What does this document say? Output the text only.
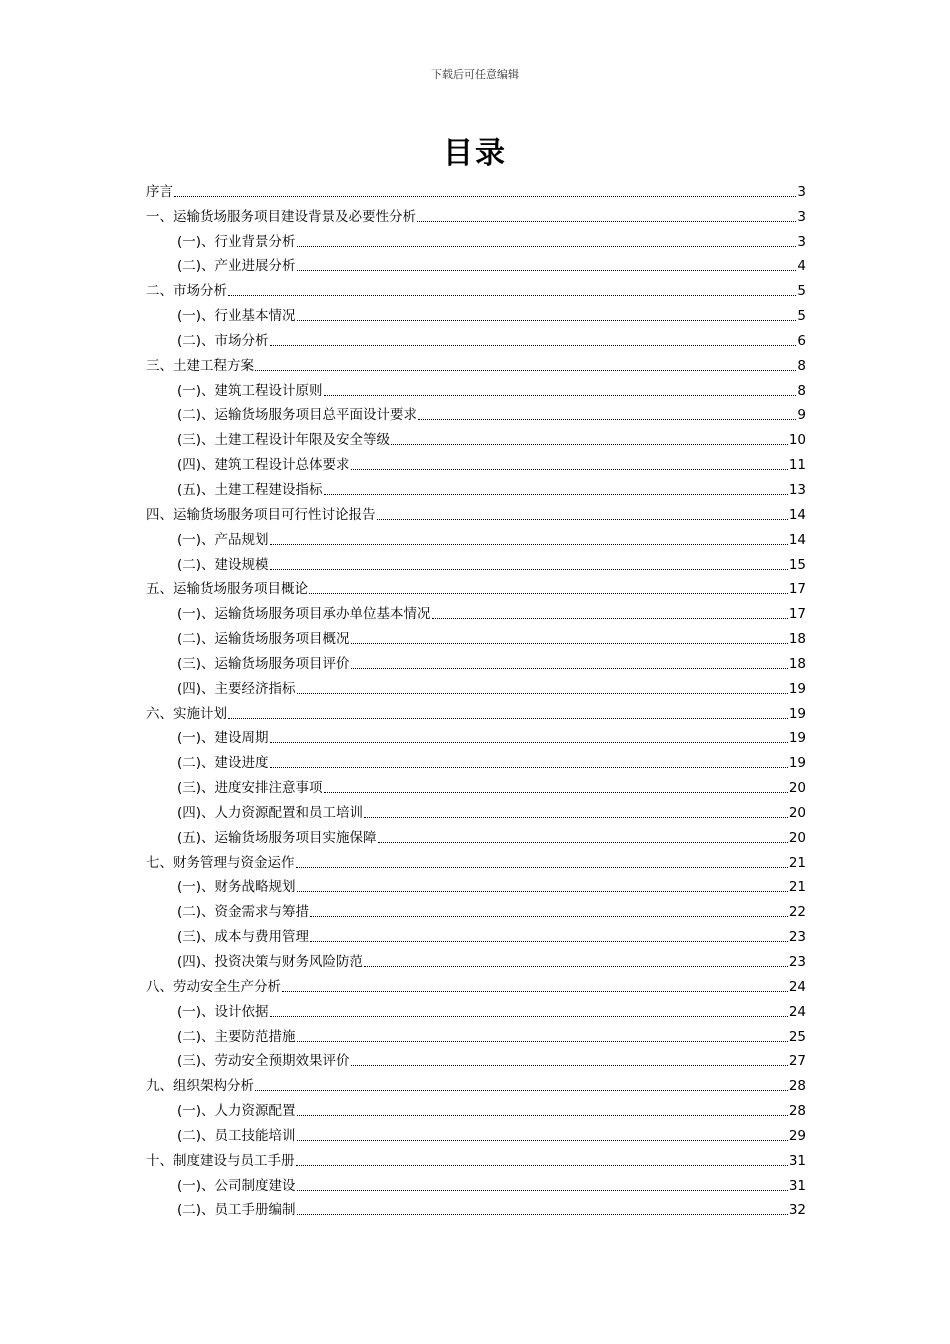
下载后可任意编辑
目录
序言	3
一、运输货场服务项目建设背景及必要性分析	3
(一)、行业背景分析	3
(二)、产业进展分析	4
二、市场分析	5
(一)、行业基本情况	5
(二)、市场分析	6
三、土建工程方案	8
(一)、建筑工程设计原则	8
(二)、运输货场服务项目总平面设计要求	9
(三)、土建工程设计年限及安全等级	10
(四)、建筑工程设计总体要求	11
(五)、土建工程建设指标	13
四、运输货场服务项目可行性讨论报告	14
(一)、产品规划	14
(二)、建设规模	15
五、运输货场服务项目概论	17
(一)、运输货场服务项目承办单位基本情况	17
(二)、运输货场服务项目概况	18
(三)、运输货场服务项目评价	18
(四)、主要经济指标	19
六、实施计划	19
(一)、建设周期	19
(二)、建设进度	19
(三)、进度安排注意事项	20
(四)、人力资源配置和员工培训	20
(五)、运输货场服务项目实施保障	20
七、财务管理与资金运作	21
(一)、财务战略规划	21
(二)、资金需求与筹措	22
(三)、成本与费用管理	23
(四)、投资决策与财务风险防范	23
八、劳动安全生产分析	24
(一)、设计依据	24
(二)、主要防范措施	25
(三)、劳动安全预期效果评价	27
九、组织架构分析	28
(一)、人力资源配置	28
(二)、员工技能培训	29
十、制度建设与员工手册	31
(一)、公司制度建设	31
(二)、员工手册编制	32
